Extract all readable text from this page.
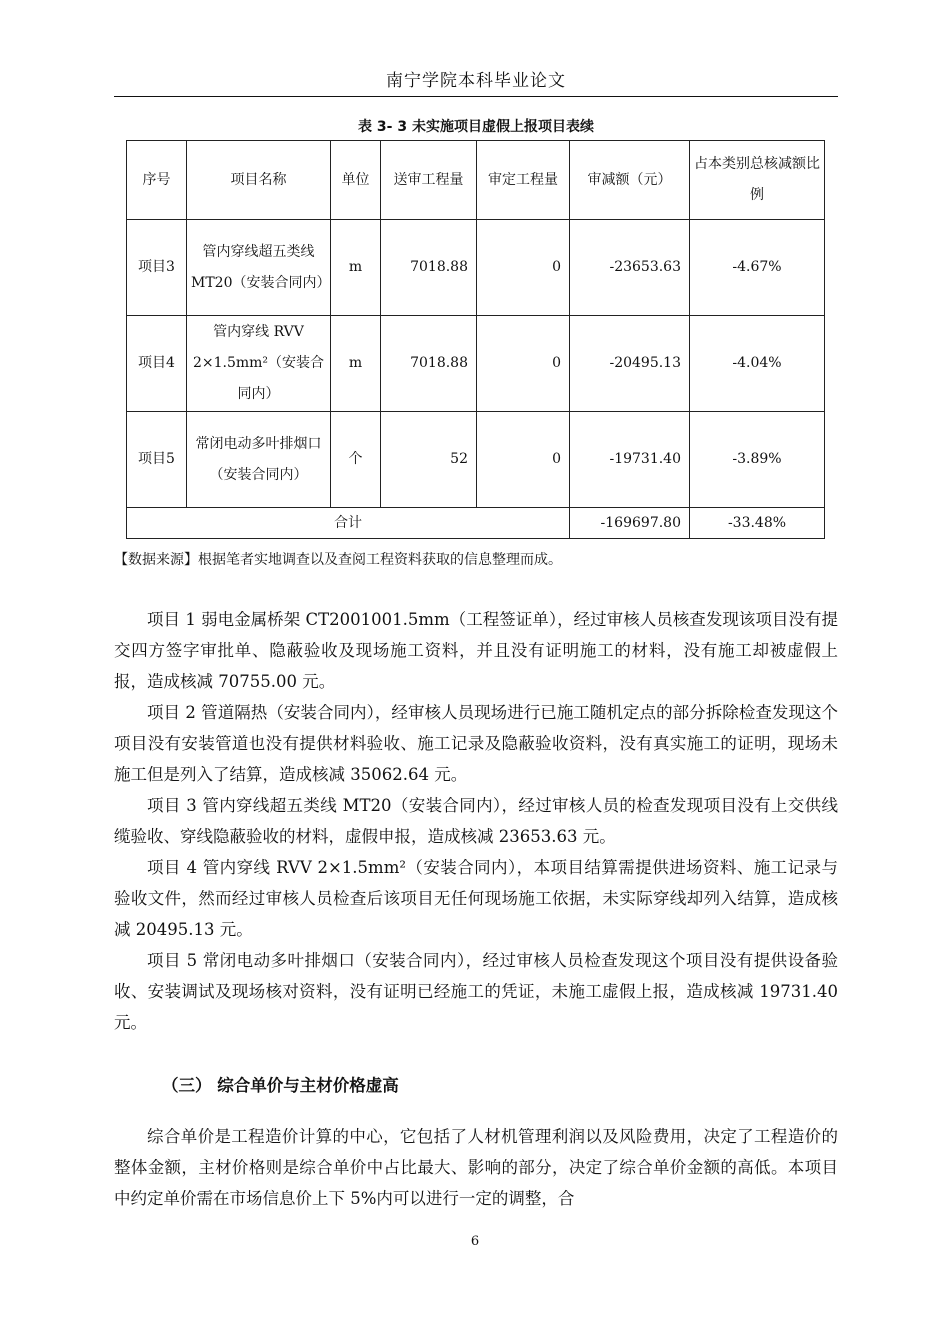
南宁学院本科毕业论文
表 3- 3 未实施项目虚假上报项目表续
序号	项目名称	单位	送审工程量	审定工程量	审减额（元）	占本类别总核减额比例
项目3	管内穿线超五类线 MT20（安装合同内）	m	7018.88	0	-23653.63	-4.67%
项目4	管内穿线 RVV 2×1.5mm²（安装合同内）	m	7018.88	0	-20495.13	-4.04%
项目5	常闭电动多叶排烟口（安装合同内）	个	52	0	-19731.40	-3.89%
合计					-169697.80	-33.48%
【数据来源】根据笔者实地调查以及查阅工程资料获取的信息整理而成。

项目 1 弱电金属桥架 CT2001001.5mm（工程签证单），经过审核人员核查发现该项目没有提交四方签字审批单、隐蔽验收及现场施工资料，并且没有证明施工的材料，没有施工却被虚假上报，造成核减 70755.00 元。

项目 2 管道隔热（安装合同内），经审核人员现场进行已施工随机定点的部分拆除检查发现这个项目没有安装管道也没有提供材料验收、施工记录及隐蔽验收资料，没有真实施工的证明，现场未施工但是列入了结算，造成核减 35062.64 元。

项目 3 管内穿线超五类线 MT20（安装合同内），经过审核人员的检查发现项目没有上交供线缆验收、穿线隐蔽验收的材料，虚假申报，造成核减 23653.63 元。

项目 4 管内穿线 RVV 2×1.5mm²（安装合同内），本项目结算需提供进场资料、施工记录与验收文件，然而经过审核人员检查后该项目无任何现场施工依据，未实际穿线却列入结算，造成核减 20495.13 元。

项目 5 常闭电动多叶排烟口（安装合同内），经过审核人员检查发现这个项目没有提供设备验收、安装调试及现场核对资料，没有证明已经施工的凭证，未施工虚假上报，造成核减 19731.40 元。

（三） 综合单价与主材价格虚高

综合单价是工程造价计算的中心，它包括了人材机管理利润以及风险费用，决定了工程造价的整体金额，主材价格则是综合单价中占比最大、影响的部分，决定了综合单价金额的高低。本项目中约定单价需在市场信息价上下 5%内可以进行一定的调整，合

6
